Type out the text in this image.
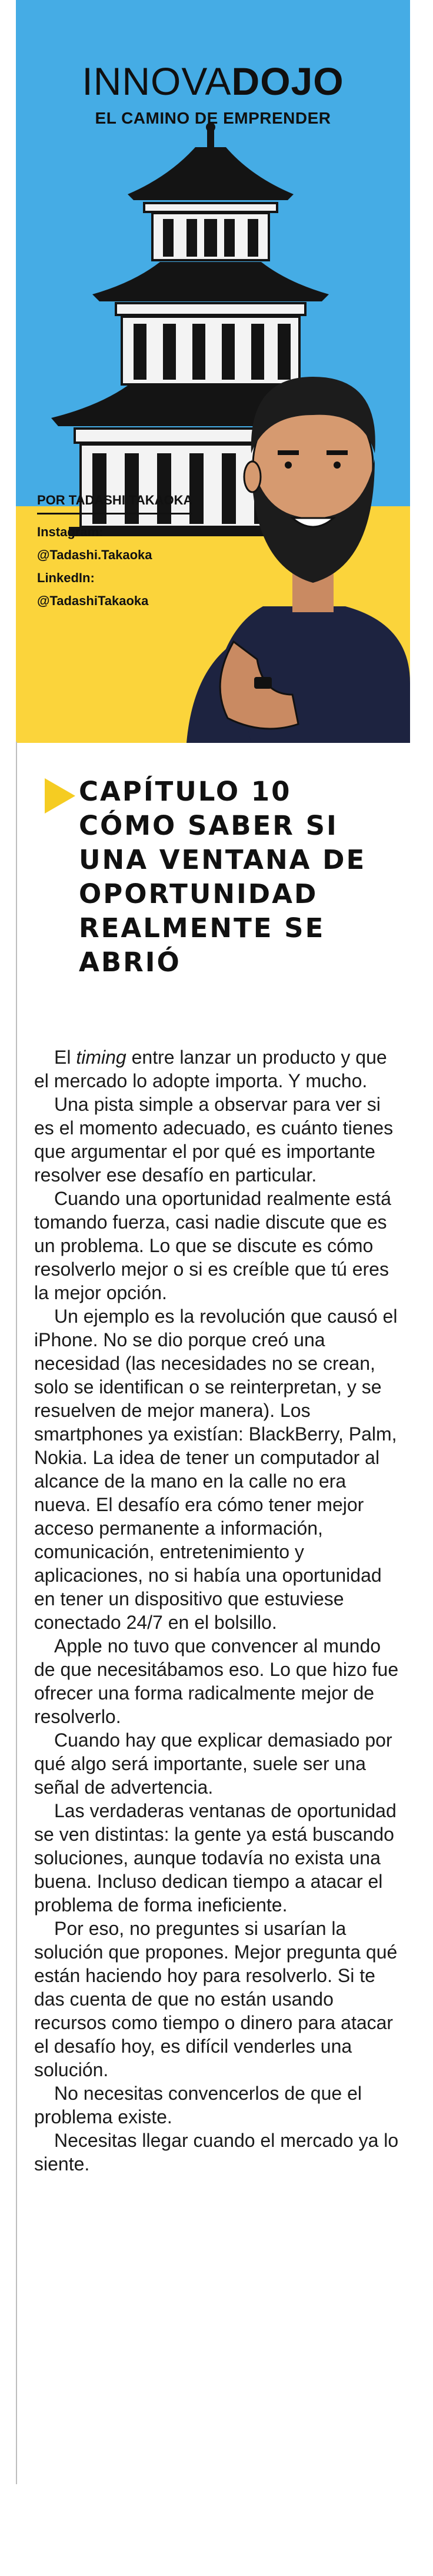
INNOVADOJO
EL CAMINO DE EMPRENDER
POR TADASHI TAKAOKA
Instagram:
@Tadashi.Takaoka
LinkedIn:
@TadashiTakaoka
CAPÍTULO 10
CÓMO SABER SI
UNA VENTANA DE
OPORTUNIDAD
REALMENTE SE
ABRIÓ

El timing entre lanzar un producto y que el mercado lo adopte importa. Y mucho.

Una pista simple a observar para ver si es el momento adecuado, es cuánto tienes que argumentar el por qué es importante resolver ese desafío en particular.

Cuando una oportunidad realmente está tomando fuerza, casi nadie discute que es un problema. Lo que se discute es cómo resolverlo mejor o si es creíble que tú eres la mejor opción.

Un ejemplo es la revolución que causó el iPhone. No se dio porque creó una necesidad (las necesidades no se crean, solo se identifican o se reinterpretan, y se resuelven de mejor manera). Los smartphones ya existían: BlackBerry, Palm, Nokia. La idea de tener un computador al alcance de la mano en la calle no era nueva. El desafío era cómo tener mejor acceso permanente a información, comunicación, entretenimiento y aplicaciones, no si había una oportunidad en tener un dispositivo que estuviese conectado 24/7 en el bolsillo.

Apple no tuvo que convencer al mundo de que necesitábamos eso. Lo que hizo fue ofrecer una forma radicalmente mejor de resolverlo.

Cuando hay que explicar demasiado por qué algo será importante, suele ser una señal de advertencia.

Las verdaderas ventanas de oportunidad se ven distintas: la gente ya está buscando soluciones, aunque todavía no exista una buena. Incluso dedican tiempo a atacar el problema de forma ineficiente.

Por eso, no preguntes si usarían la solución que propones. Mejor pregunta qué están haciendo hoy para resolverlo. Si te das cuenta de que no están usando recursos como tiempo o dinero para atacar el desafío hoy, es difícil venderles una solución.

No necesitas convencerlos de que el problema existe.

Necesitas llegar cuando el mercado ya lo siente.
